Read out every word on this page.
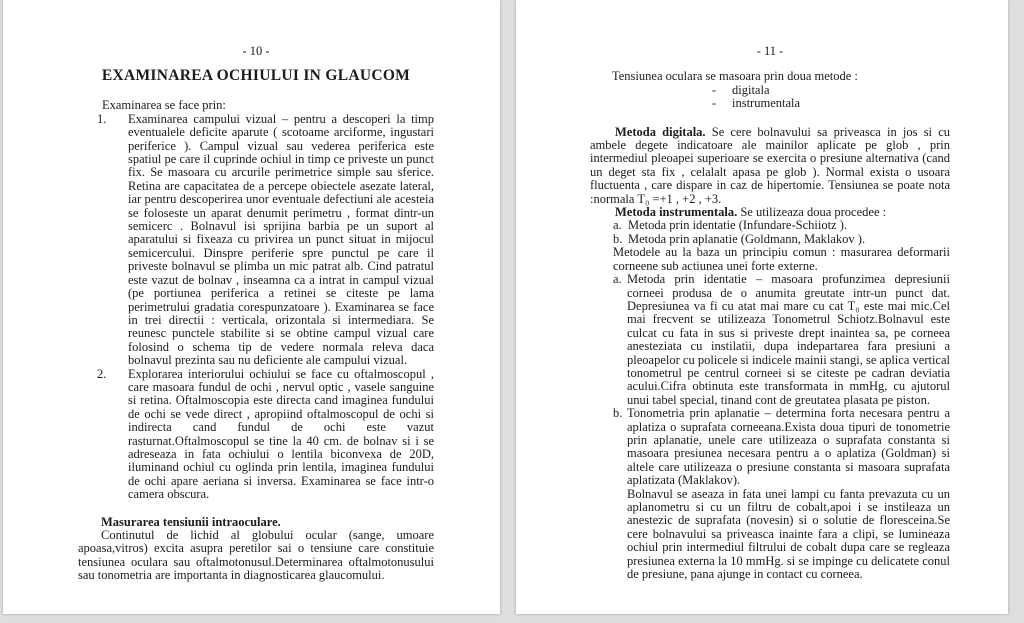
- 10 -
EXAMINAREA OCHIULUI IN GLAUCOM
Examinarea se face prin:
1. Examinarea campului vizual – pentru a descoperi la timp eventualele deficite aparute ( scotoame arciforme, ingustari periferice ). Campul vizual sau vederea periferica este spatiul pe care il cuprinde ochiul in timp ce priveste un punct fix. Se masoara cu arcurile perimetrice simple sau sferice. Retina are capacitatea de a percepe obiectele asezate lateral, iar pentru descoperirea unor eventuale defectiuni ale acesteia se foloseste un aparat denumit perimetru , format dintr-un semicerc . Bolnavul isi sprijina barbia pe un suport al aparatului si fixeaza cu privirea un punct situat in mijocul semicercului. Dinspre periferie spre punctul pe care il priveste bolnavul se plimba un mic patrat alb. Cind patratul este vazut de bolnav , inseamna ca a intrat in campul vizual (pe portiunea periferica a retinei se citeste pe lama perimetrului gradatia corespunzatoare ). Examinarea se face in trei directii : verticala, orizontala si intermediara. Se reunesc punctele stabilite si se obtine campul vizual care folosind o schema tip de vedere normala releva daca bolnavul prezinta sau nu deficiente ale campului vizual.
2. Explorarea interiorului ochiului se face cu oftalmoscopul , care masoara fundul de ochi , nervul optic , vasele sanguine si retina. Oftalmoscopia este directa cand imaginea fundului de ochi se vede direct , apropiind oftalmoscopul de ochi si indirecta cand fundul de ochi este vazut rasturnat.Oftalmoscopul se tine la 40 cm. de bolnav si i se adreseaza in fata ochiului o lentila biconvexa de 20D, iluminand ochiul cu oglinda prin lentila, imaginea fundului de ochi apare aeriana si inversa. Examinarea se face intr-o camera obscura.
Masurarea tensiunii intraoculare.
Continutul de lichid al globului ocular (sange, umoare apoasa,vitros) excita asupra peretilor sai o tensiune care constituie tensiunea oculara sau oftalmotonusul.Determinarea oftalmotonusului sau tonometria are importanta in diagnosticarea glaucomului.
- 11 -
Tensiunea oculara se masoara prin doua metode :
- digitala
- instrumentala

Metoda digitala. Se cere bolnavului sa priveasca in jos si cu ambele degete indicatoare ale mainilor aplicate pe glob , prin intermediul pleoapei superioare se exercita o presiune alternativa (cand un deget sta fix , celalalt apasa pe glob ). Normal exista o usoara fluctuenta , care dispare in caz de hipertomie. Tensiunea se poate nota :normala T₀ =+1 , +2 , +3.

Metoda instrumentala. Se utilizeaza doua procedee :

a. Metoda prin identatie (Infundare-Schiiotz ).
b. Metoda prin aplanatie (Goldmann, Maklakov ).
Metodele au la baza un principiu comun : masurarea deformarii corneene sub actiunea unei forte externe.
a. Metoda prin identatie – masoara profunzimea depresiunii corneei produsa de o anumita greutate intr-un punct dat. Depresiunea va fi cu atat mai mare cu cat T₀ este mai mic.Cel mai frecvent se utilizeaza Tonometrul Schiotz.Bolnavul este culcat cu fata in sus si priveste drept inaintea sa, pe corneea anesteziata cu instilatii, dupa indepartarea fara presiuni a pleoapelor cu policele si indicele mainii stangi, se aplica vertical tonometrul pe centrul corneei si se citeste pe cadran deviatia acului.Cifra obtinuta este transformata in mmHg, cu ajutorul unui tabel special, tinand cont de greutatea plasata pe piston.
b. Tonometria prin aplanatie – determina forta necesara pentru a aplatiza o suprafata corneeana.Exista doua tipuri de tonometrie prin aplanatie, unele care utilizeaza o suprafata constanta si masoara presiunea necesara pentru a o aplatiza (Goldman) si altele care utilizeaza o presiune constanta si masoara suprafata aplatizata (Maklakov).
Bolnavul se aseaza in fata unei lampi cu fanta prevazuta cu un aplanometru si cu un filtru de cobalt,apoi i se instileaza un anestezic de suprafata (novesin) si o solutie de floresceina.Se cere bolnavului sa priveasca inainte fara a clipi, se lumineaza ochiul prin intermediul filtrului de cobalt dupa care se regleaza presiunea externa la 10 mmHg. si se impinge cu delicatete conul de presiune, pana ajunge in contact cu corneea.
